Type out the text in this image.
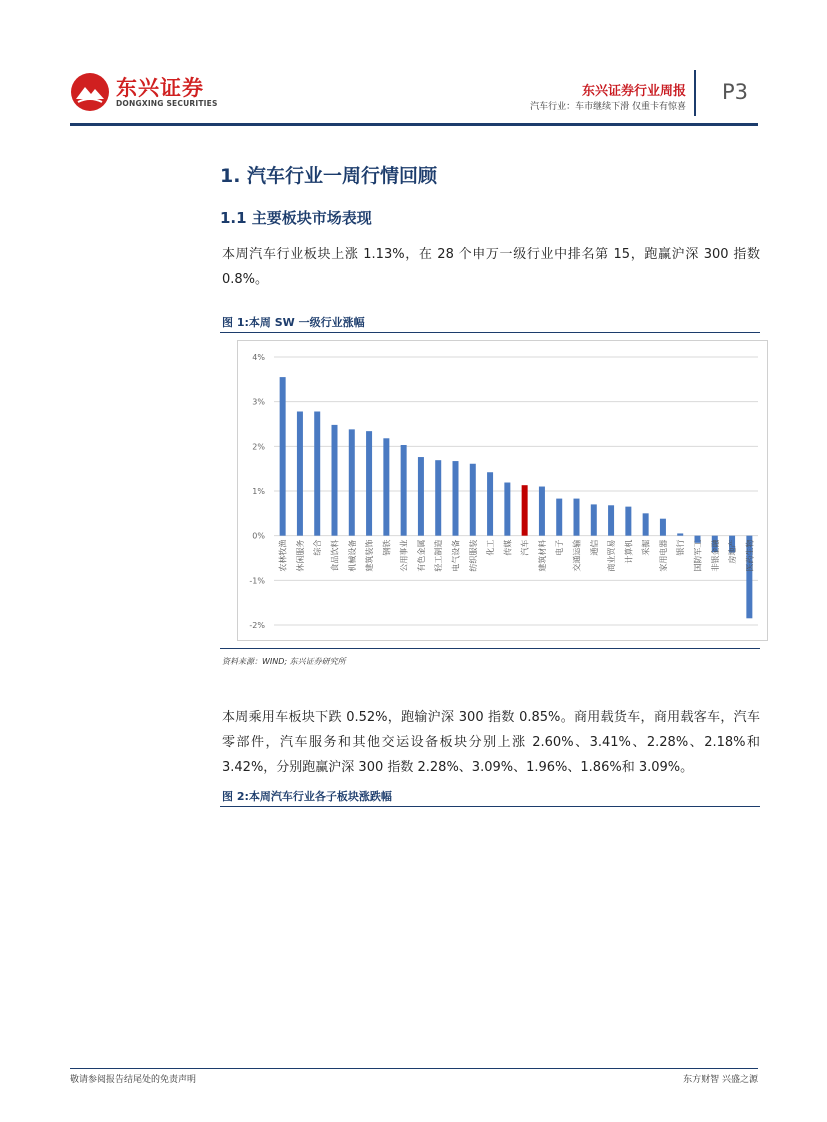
东兴证券
DONGXING SECURITIES
东兴证券行业周报
汽车行业：车市继续下滑 仅重卡有惊喜
P3
1. 汽车行业一周行情回顾
1.1 主要板块市场表现
本周汽车行业板块上涨 1.13%，在 28 个申万一级行业中排名第 15，跑赢沪深 300 指数 0.8%。
图 1:本周 SW 一级行业涨幅
4%
3%
2%
1%
0%
-1%
-2%
农林牧渔 休闲服务 综合 食品饮料 机械设备 建筑装饰 钢铁 公用事业 有色金属 轻工制造 电气设备 纺织服装 化工 传媒 汽车 建筑材料 电子 交通运输 通信 商业贸易 计算机 采掘 家用电器 银行 国防军工 非银金融 房地产 医药生物
资料来源：WIND; 东兴证券研究所
本周乘用车板块下跌 0.52%，跑输沪深 300 指数 0.85%。商用载货车，商用载客车，汽车零部件，汽车服务和其他交运设备板块分别上涨 2.60%、3.41%、2.28%、2.18%和 3.42%，分别跑赢沪深 300 指数 2.28%、3.09%、1.96%、1.86%和 3.09%。
图 2:本周汽车行业各子板块涨跌幅
敬请参阅报告结尾处的免责声明	东方财智 兴盛之源
